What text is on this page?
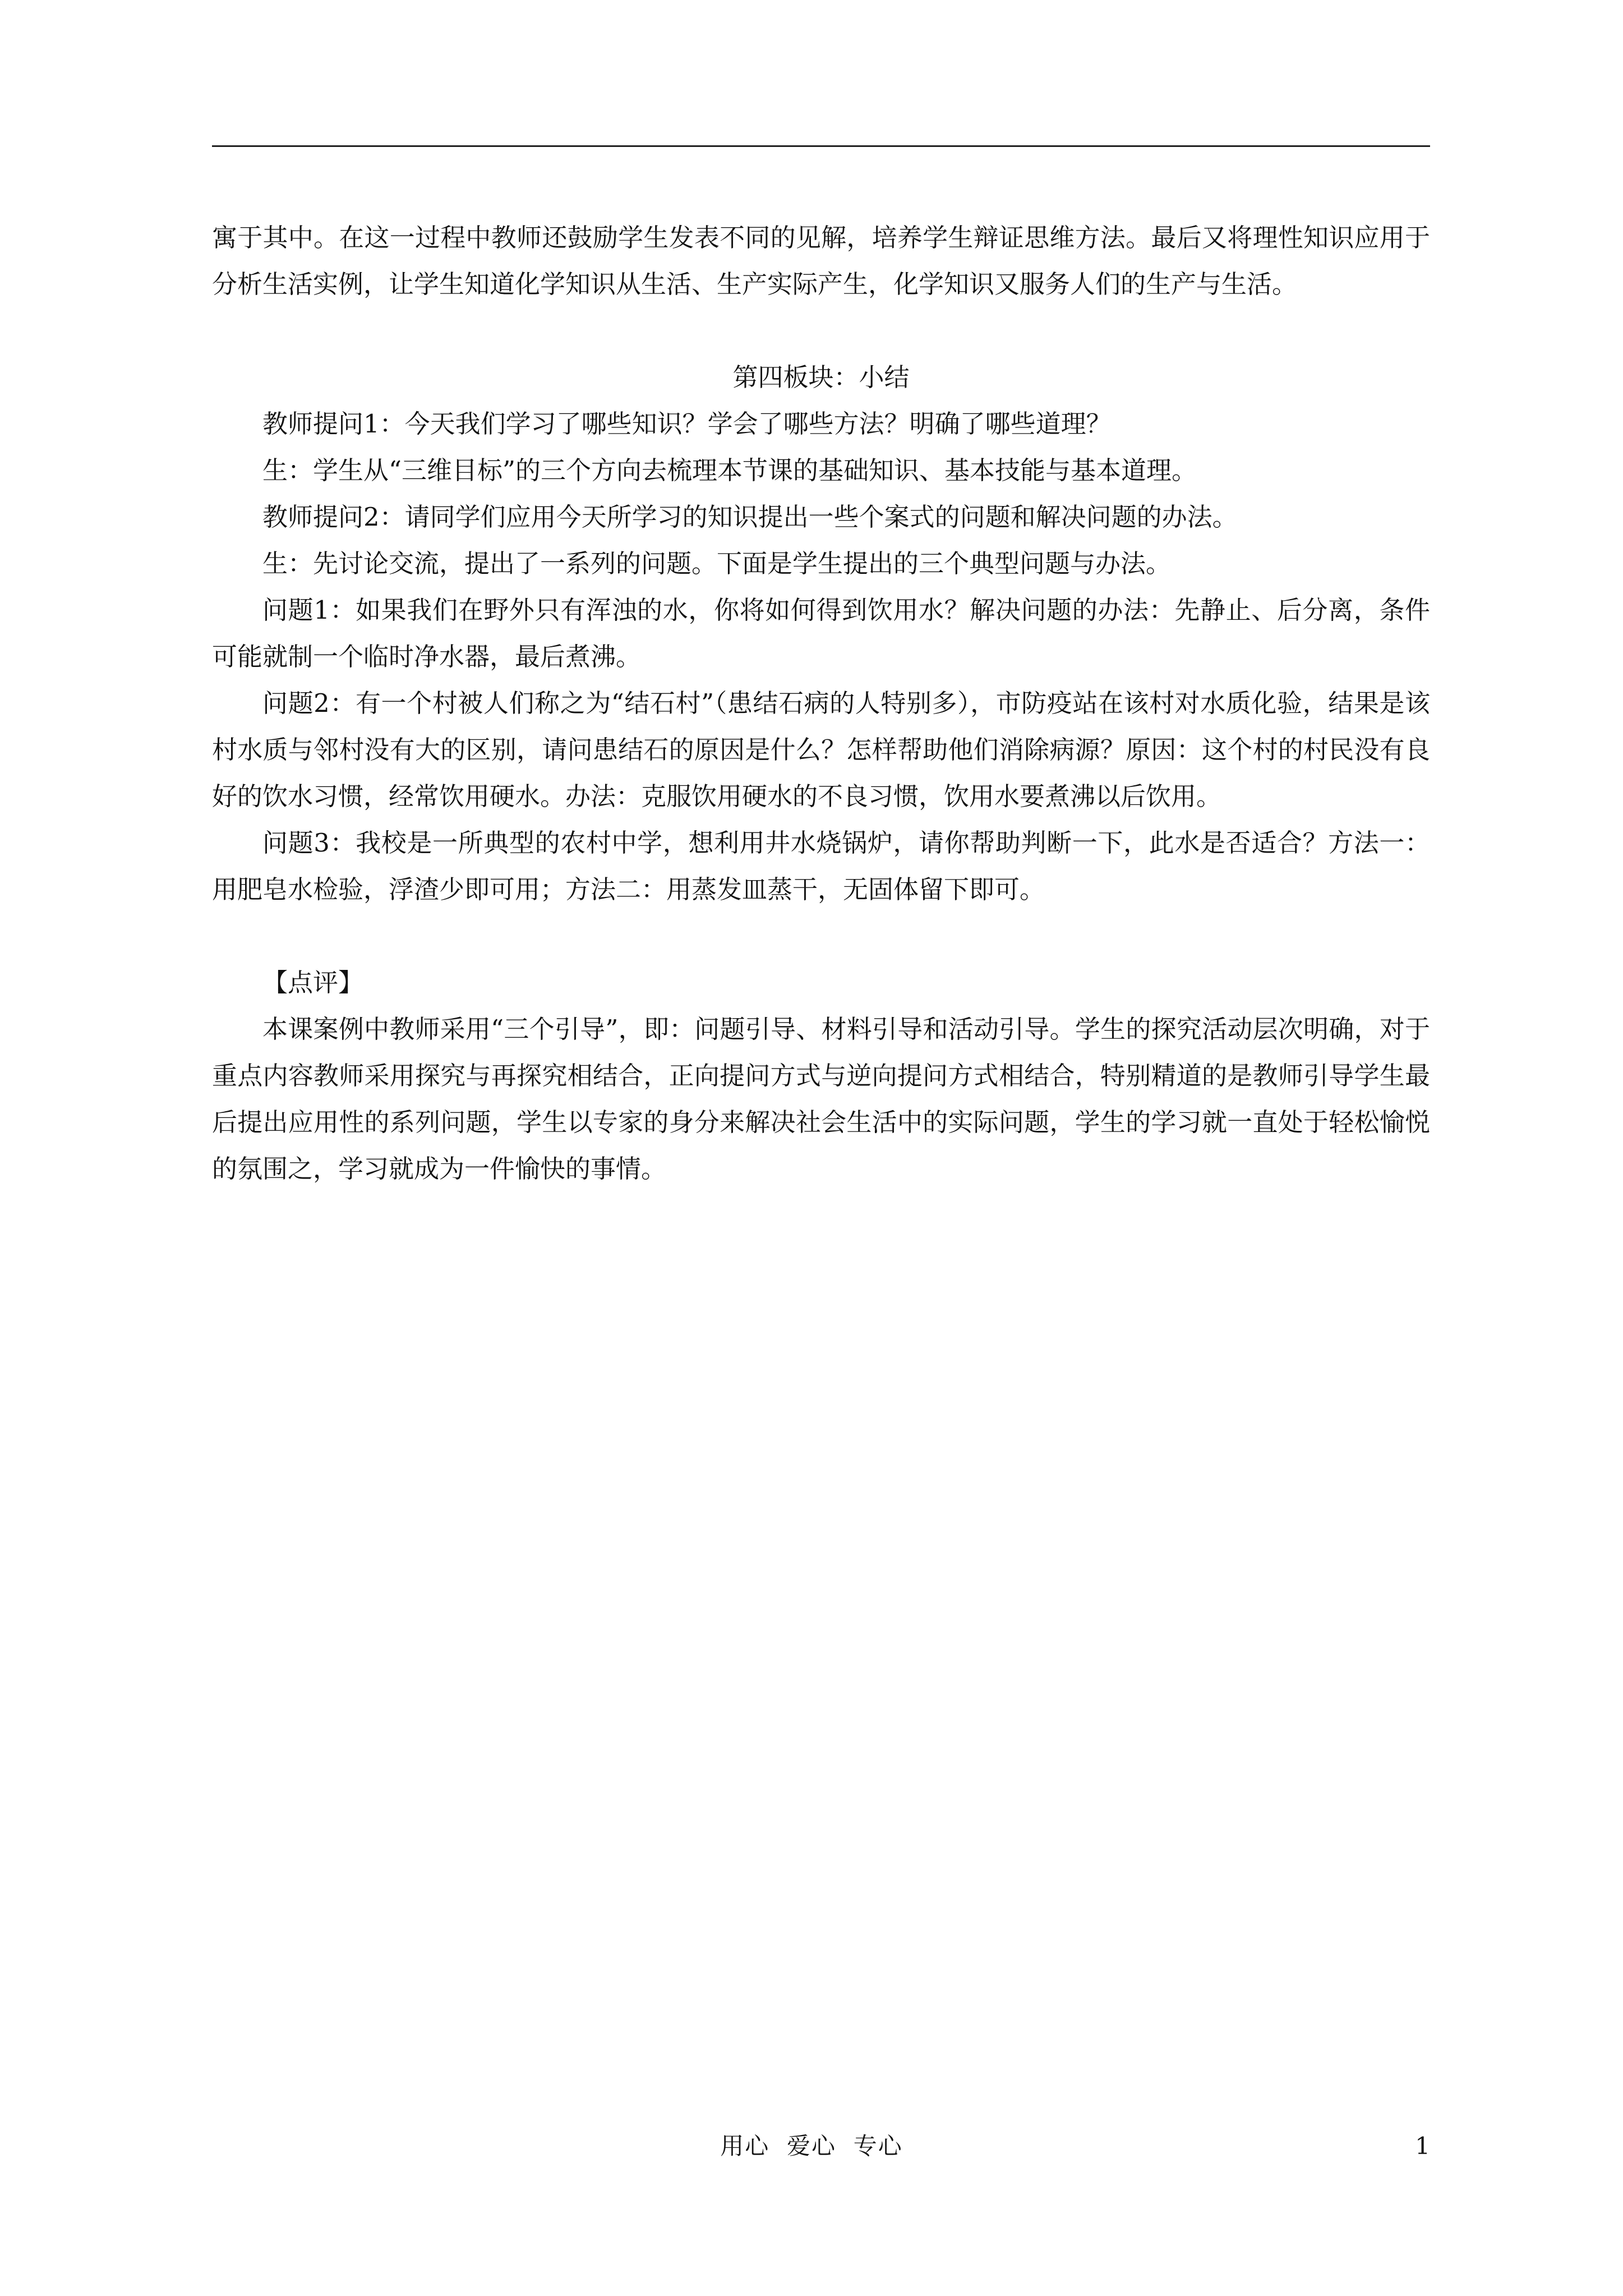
寓于其中。在这一过程中教师还鼓励学生发表不同的见解，培养学生辩证思维方法。最后又将理性知识应用于分析生活实例，让学生知道化学知识从生活、生产实际产生，化学知识又服务人们的生产与生活。

第四板块：小结

教师提问1：今天我们学习了哪些知识？学会了哪些方法？明确了哪些道理？

生：学生从“三维目标”的三个方向去梳理本节课的基础知识、基本技能与基本道理。

教师提问2：请同学们应用今天所学习的知识提出一些个案式的问题和解决问题的办法。

生：先讨论交流，提出了一系列的问题。下面是学生提出的三个典型问题与办法。

问题1：如果我们在野外只有浑浊的水，你将如何得到饮用水？解决问题的办法：先静止、后分离，条件可能就制一个临时净水器，最后煮沸。

问题2：有一个村被人们称之为“结石村”（患结石病的人特别多），市防疫站在该村对水质化验，结果是该村水质与邻村没有大的区别，请问患结石的原因是什么？怎样帮助他们消除病源？原因：这个村的村民没有良好的饮水习惯，经常饮用硬水。办法：克服饮用硬水的不良习惯，饮用水要煮沸以后饮用。

问题3：我校是一所典型的农村中学，想利用井水烧锅炉，请你帮助判断一下，此水是否适合？方法一：用肥皂水检验，浮渣少即可用；方法二：用蒸发皿蒸干，无固体留下即可。

【点评】

本课案例中教师采用“三个引导”，即：问题引导、材料引导和活动引导。学生的探究活动层次明确，对于重点内容教师采用探究与再探究相结合，正向提问方式与逆向提问方式相结合，特别精道的是教师引导学生最后提出应用性的系列问题，学生以专家的身分来解决社会生活中的实际问题，学生的学习就一直处于轻松愉悦的氛围之，学习就成为一件愉快的事情。

用心  爱心  专心	1
